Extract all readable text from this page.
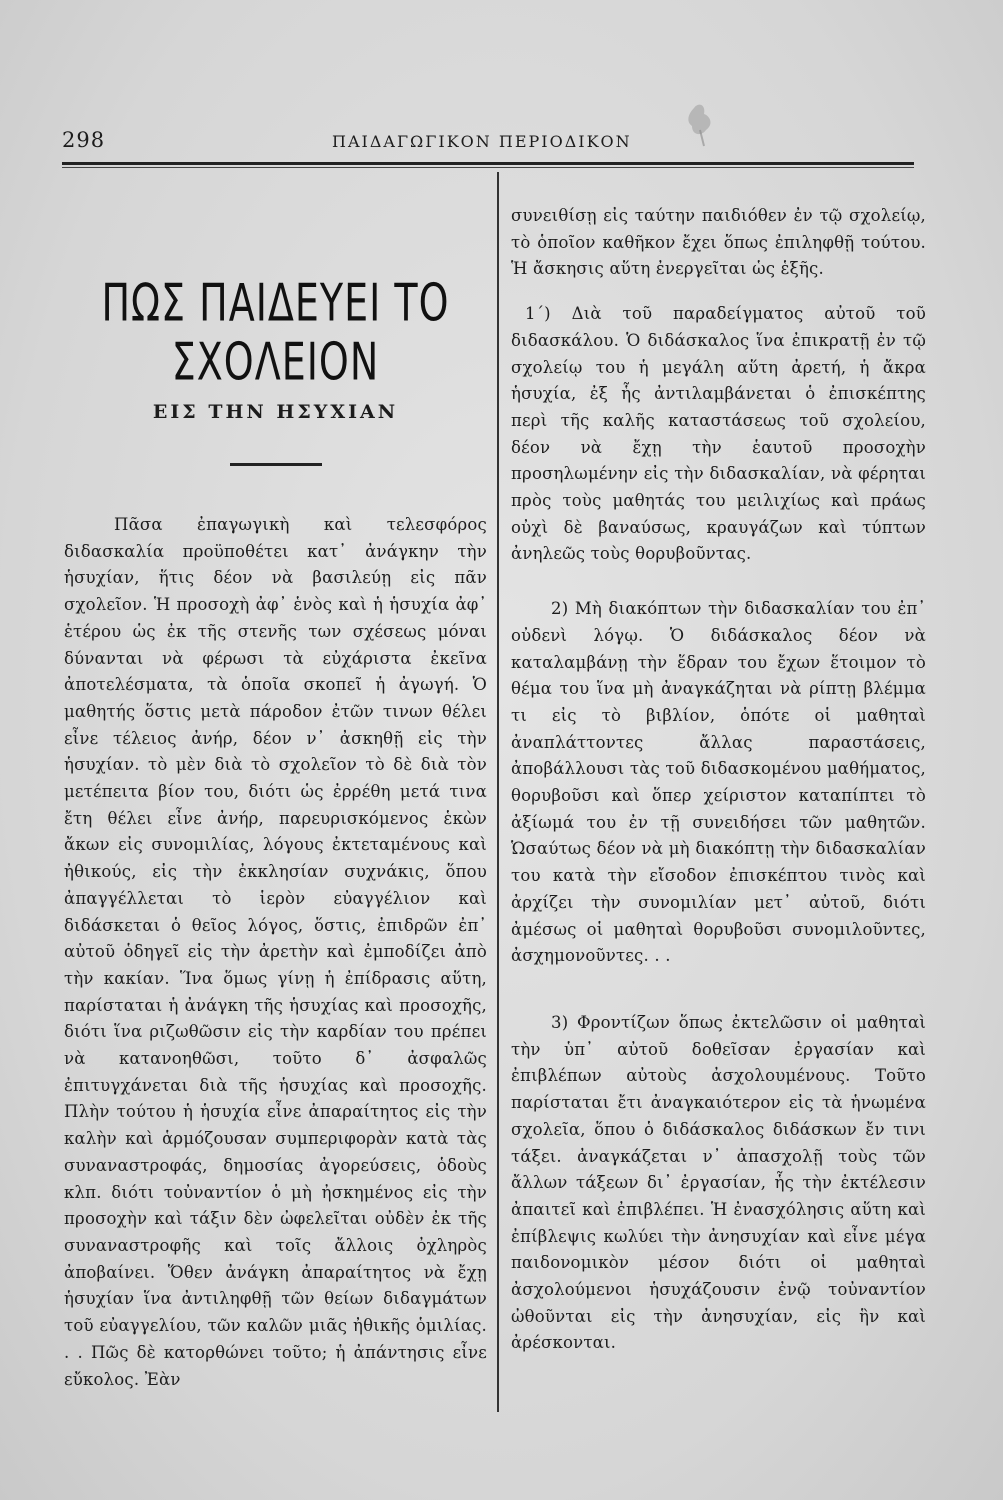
298	ΠΑΙΔΑΓΩΓΙΚΟΝ ΠΕΡΙΟΔΙΚΟΝ
ΠΩΣ ΠΑΙΔΕΥΕΙ ΤΟ ΣΧΟΛΕΙΟΝ
ΕΙΣ ΤΗΝ ΗΣΥΧΙΑΝ

Πᾶσα ἐπαγωγικὴ καὶ τελεσφόρος διδασκαλία προϋποθέτει κατ᾿ ἀνάγκην τὴν ἡσυχίαν, ἥτις δέον νὰ βασιλεύῃ εἰς πᾶν σχολεῖον. Ἡ προσοχὴ ἀφ᾿ ἑνὸς καὶ ἡ ἡσυχία ἀφ᾿ ἑτέρου ὡς ἐκ τῆς στενῆς των σχέσεως μόναι δύνανται νὰ φέρωσι τὰ εὐχάριστα ἐκεῖνα ἀποτελέσματα, τὰ ὁποῖα σκοπεῖ ἡ ἀγωγή. Ὁ μαθητής ὅστις μετὰ πάροδον ἐτῶν τινων θέλει εἶνε τέλειος ἀνήρ, δέον ν᾿ ἀσκηθῇ εἰς τὴν ἡσυχίαν. τὸ μὲν διὰ τὸ σχολεῖον τὸ δὲ διὰ τὸν μετέπειτα βίον του, διότι ὡς ἐρρέθη μετά τινα ἔτη θέλει εἶνε ἀνήρ, παρευρισκόμενος ἑκὼν ἄκων εἰς συνομιλίας, λόγους ἐκτεταμένους καὶ ἠθικούς, εἰς τὴν ἐκκλησίαν συχνάκις, ὅπου ἀπαγγέλλεται τὸ ἱερὸν εὐαγγέλιον καὶ διδάσκεται ὁ θεῖος λόγος, ὅστις, ἐπιδρῶν ἐπ᾿ αὐτοῦ ὁδηγεῖ εἰς τὴν ἀρετὴν καὶ ἐμποδίζει ἀπὸ τὴν κακίαν. Ἵνα ὅμως γίνῃ ἡ ἐπίδρασις αὕτη, παρίσταται ἡ ἀνάγκη τῆς ἡσυχίας καὶ προσοχῆς, διότι ἵνα ριζωθῶσιν εἰς τὴν καρδίαν του πρέπει νὰ κατανοηθῶσι, τοῦτο δ᾿ ἀσφαλῶς ἐπιτυγχάνεται διὰ τῆς ἡσυχίας καὶ προσοχῆς. Πλὴν τούτου ἡ ἡσυχία εἶνε ἀπαραίτητος εἰς τὴν καλὴν καὶ ἁρμόζουσαν συμπεριφορὰν κατὰ τὰς συναναστροφάς, δημοσίας ἀγορεύσεις, ὁδοὺς κλπ. διότι τοὐναντίον ὁ μὴ ἠσκημένος εἰς τὴν προσοχὴν καὶ τάξιν δὲν ὠφελεῖται οὐδὲν ἐκ τῆς συναναστροφῆς καὶ τοῖς ἄλλοις ὀχληρὸς ἀποβαίνει. Ὅθεν ἀνάγκη ἀπαραίτητος νὰ ἔχῃ ἡσυχίαν ἵνα ἀντιληφθῇ τῶν θείων διδαγμάτων τοῦ εὐαγγελίου, τῶν καλῶν μιᾶς ἠθικῆς ὁμιλίας. . . Πῶς δὲ κατορθώνει τοῦτο; ἡ ἀπάντησις εἶνε εὔκολος. Ἐὰν

συνειθίσῃ εἰς ταύτην παιδιόθεν ἐν τῷ σχολείῳ, τὸ ὁποῖον καθῆκον ἔχει ὅπως ἐπιληφθῇ τούτου. Ἡ ἄσκησις αὕτη ἐνεργεῖται ὡς ἑξῆς.

1´) Διὰ τοῦ παραδείγματος αὐτοῦ τοῦ διδασκάλου. Ὁ διδάσκαλος ἵνα ἐπικρατῇ ἐν τῷ σχολείῳ του ἡ μεγάλη αὕτη ἀρετή, ἡ ἄκρα ἡσυχία, ἐξ ἧς ἀντιλαμβάνεται ὁ ἐπισκέπτης περὶ τῆς καλῆς καταστάσεως τοῦ σχολείου, δέον νὰ ἔχῃ τὴν ἑαυτοῦ προσοχὴν προσηλωμένην εἰς τὴν διδασκαλίαν, νὰ φέρηται πρὸς τοὺς μαθητάς του μειλιχίως καὶ πράως οὐχὶ δὲ βαναύσως, κραυγάζων καὶ τύπτων ἀνηλεῶς τοὺς θορυβοῦντας.

2) Μὴ διακόπτων τὴν διδασκαλίαν του ἐπ᾿ οὐδενὶ λόγῳ. Ὁ διδάσκαλος δέον νὰ καταλαμβάνῃ τὴν ἕδραν του ἔχων ἕτοιμον τὸ θέμα του ἵνα μὴ ἀναγκάζηται νὰ ρίπτῃ βλέμμα τι εἰς τὸ βιβλίον, ὁπότε οἱ μαθηταὶ ἀναπλάττοντες ἄλλας παραστάσεις, ἀποβάλλουσι τὰς τοῦ διδασκομένου μαθήματος, θορυβοῦσι καὶ ὅπερ χείριστον καταπίπτει τὸ ἀξίωμά του ἐν τῇ συνειδήσει τῶν μαθητῶν. Ὡσαύτως δέον νὰ μὴ διακόπτῃ τὴν διδασκαλίαν του κατὰ τὴν εἴσοδον ἐπισκέπτου τινὸς καὶ ἀρχίζει τὴν συνομιλίαν μετ᾿ αὐτοῦ, διότι ἀμέσως οἱ μαθηταὶ θορυβοῦσι συνομιλοῦντες, ἀσχημονοῦντες. . .

3) Φροντίζων ὅπως ἐκτελῶσιν οἱ μαθηταὶ τὴν ὑπ᾿ αὐτοῦ δοθεῖσαν ἐργασίαν καὶ ἐπιβλέπων αὐτοὺς ἀσχολουμένους. Τοῦτο παρίσταται ἔτι ἀναγκαιότερον εἰς τὰ ἡνωμένα σχολεῖα, ὅπου ὁ διδάσκαλος διδάσκων ἔν τινι τάξει. ἀναγκάζεται ν᾿ ἀπασχολῇ τοὺς τῶν ἄλλων τάξεων δι᾿ ἐργασίαν, ἧς τὴν ἐκτέλεσιν ἀπαιτεῖ καὶ ἐπιβλέπει. Ἡ ἐνασχόλησις αὕτη καὶ ἐπίβλεψις κωλύει τὴν ἀνησυχίαν καὶ εἶνε μέγα παιδονομικὸν μέσον διότι οἱ μαθηταὶ ἀσχολούμενοι ἡσυχάζουσιν ἐνῷ τοὐναντίον ὠθοῦνται εἰς τὴν ἀνησυχίαν, εἰς ἣν καὶ ἀρέσκονται.
